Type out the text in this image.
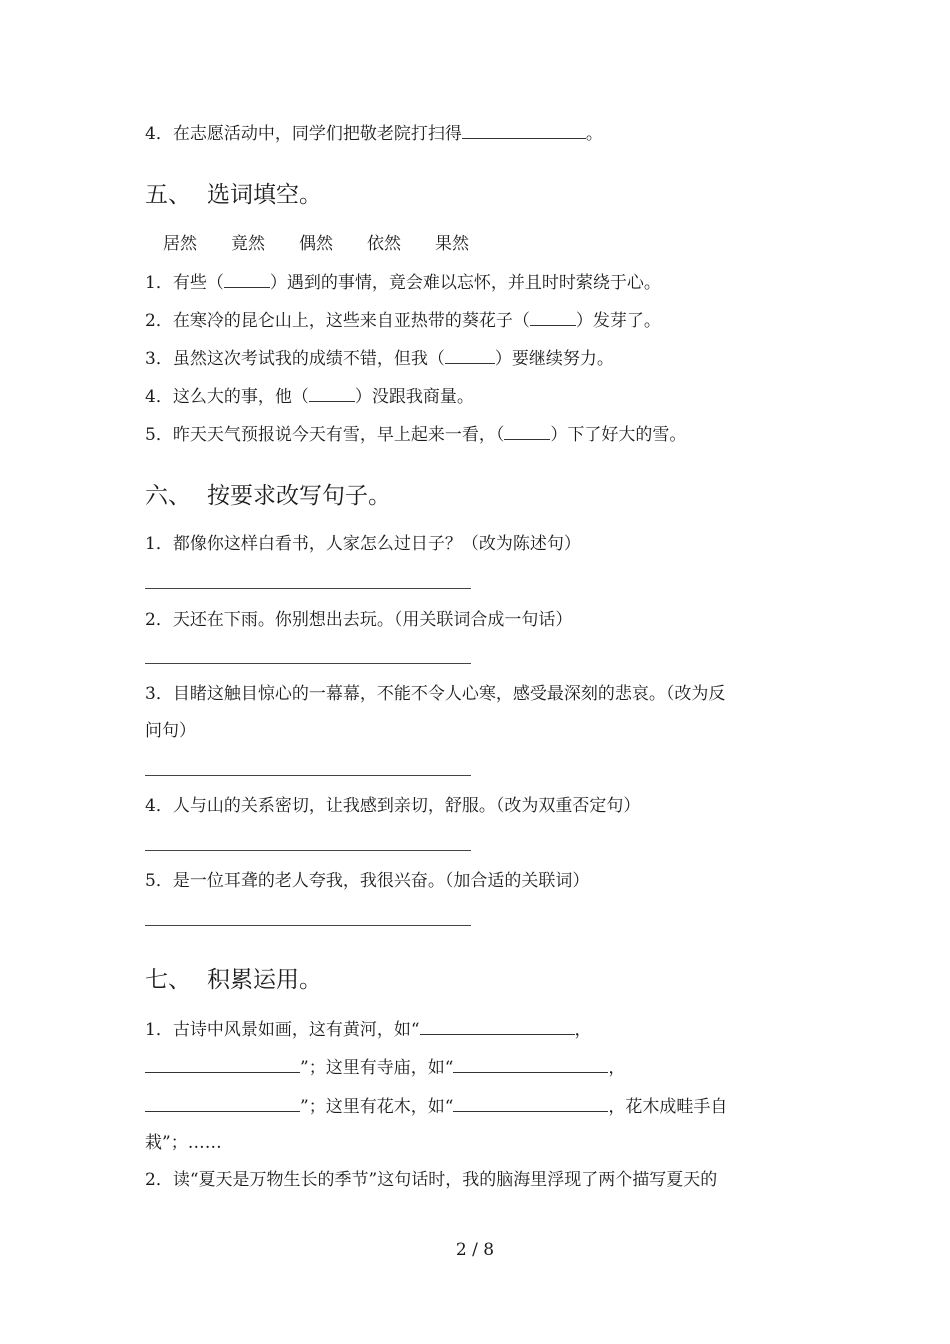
4．在志愿活动中，同学们把敬老院打扫得	。
五、 选词填空。
居然 竟然 偶然 依然 果然
1．有些（	）遇到的事情，竟会难以忘怀，并且时时萦绕于心。
2．在寒冷的昆仑山上，这些来自亚热带的葵花子（	）发芽了。
3．虽然这次考试我的成绩不错，但我（	）要继续努力。
4．这么大的事，他（	）没跟我商量。
5．昨天天气预报说今天有雪，早上起来一看，（	）下了好大的雪。
六、 按要求改写句子。
1．都像你这样白看书，人家怎么过日子？（改为陈述句）
2．天还在下雨。你别想出去玩。（用关联词合成一句话）
3．目睹这触目惊心的一幕幕，不能不令人心寒，感受最深刻的悲哀。（改为反
问句）
4．人与山的关系密切，让我感到亲切，舒服。（改为双重否定句）
5．是一位耳聋的老人夸我，我很兴奋。（加合适的关联词）
七、 积累运用。
1．古诗中风景如画，这有黄河，如“	，
”；这里有寺庙，如“	，
”；这里有花木，如“	，花木成畦手自
栽”；……
2．读“夏天是万物生长的季节”这句话时，我的脑海里浮现了两个描写夏天的
2 / 8
